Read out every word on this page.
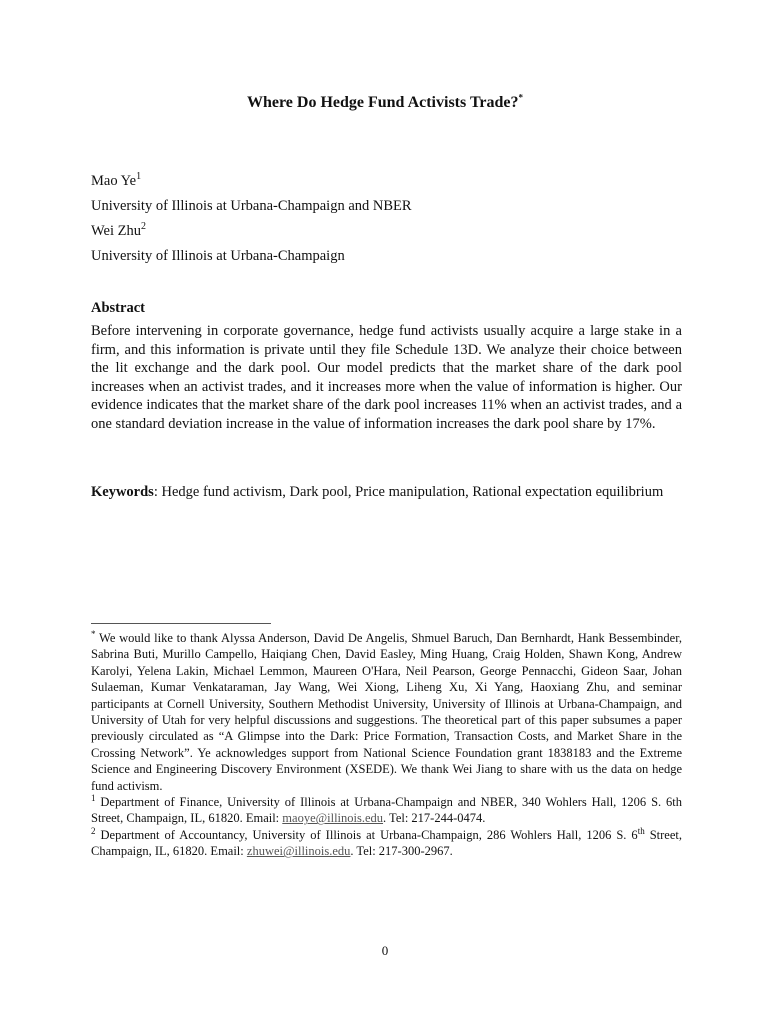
Where Do Hedge Fund Activists Trade?*
Mao Ye$^1$
University of Illinois at Urbana-Champaign and NBER
Wei Zhu$^2$
University of Illinois at Urbana-Champaign
Abstract
Before intervening in corporate governance, hedge fund activists usually acquire a large stake in a firm, and this information is private until they file Schedule 13D. We analyze their choice between the lit exchange and the dark pool. Our model predicts that the market share of the dark pool increases when an activist trades, and it increases more when the value of information is higher. Our evidence indicates that the market share of the dark pool increases 11% when an activist trades, and a one standard deviation increase in the value of information increases the dark pool share by 17%.
Keywords: Hedge fund activism, Dark pool, Price manipulation, Rational expectation equilibrium

* We would like to thank Alyssa Anderson, David De Angelis, Shmuel Baruch, Dan Bernhardt, Hank Bessembinder, Sabrina Buti, Murillo Campello, Haiqiang Chen, David Easley, Ming Huang, Craig Holden, Shawn Kong, Andrew Karolyi, Yelena Lakin, Michael Lemmon, Maureen O'Hara, Neil Pearson, George Pennacchi, Gideon Saar, Johan Sulaeman, Kumar Venkataraman, Jay Wang, Wei Xiong, Liheng Xu, Xi Yang, Haoxiang Zhu, and seminar participants at Cornell University, Southern Methodist University, University of Illinois at Urbana-Champaign, and University of Utah for very helpful discussions and suggestions. The theoretical part of this paper subsumes a paper previously circulated as “A Glimpse into the Dark: Price Formation, Transaction Costs, and Market Share in the Crossing Network”. Ye acknowledges support from National Science Foundation grant 1838183 and the Extreme Science and Engineering Discovery Environment (XSEDE). We thank Wei Jiang to share with us the data on hedge fund activism.

$^1$ Department of Finance, University of Illinois at Urbana-Champaign and NBER, 340 Wohlers Hall, 1206 S. 6th Street, Champaign, IL, 61820. Email: maoye@illinois.edu. Tel: 217-244-0474.

$^2$ Department of Accountancy, University of Illinois at Urbana-Champaign, 286 Wohlers Hall, 1206 S. 6th Street, Champaign, IL, 61820. Email: zhuwei@illinois.edu. Tel: 217-300-2967.

0
